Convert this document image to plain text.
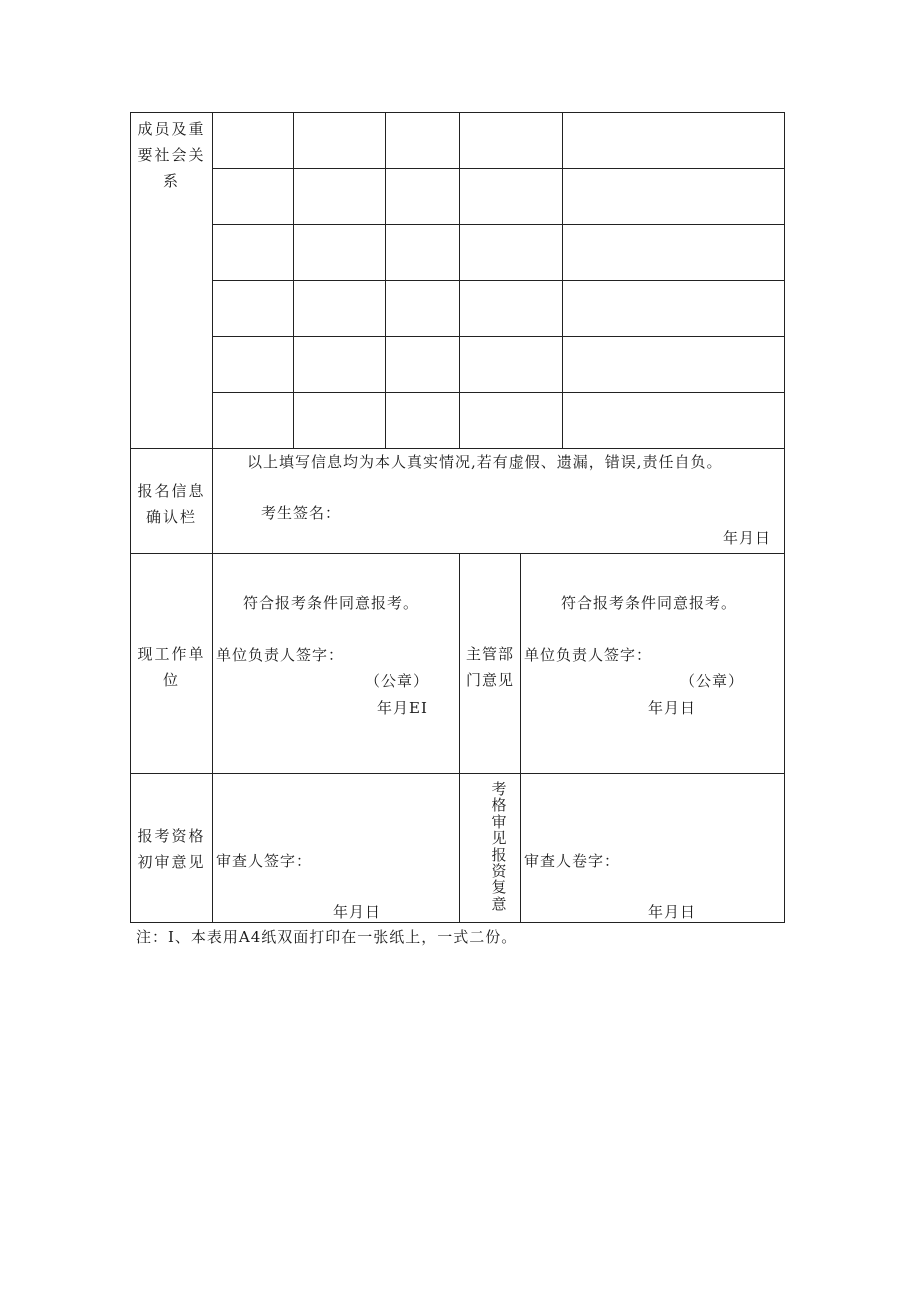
成员及重
要社会关
系
报名信息
确认栏
以上填写信息均为本人真实情况,若有虚假、遗漏，错误,责任自负。
考生签名：
年月日
现工作单
位
符合报考条件同意报考。
单位负责人签字：
（公章）
年月EI
主管部
门意见
符合报考条件同意报考。
单位负责人签字：
（公章）
年月日
报考资格
初审意见 审查人签字：
年月日
考
格
审
见
报
资
复
意
审查人卷字：
年月日
注：I、本表用A4纸双面打印在一张纸上，一式二份。
